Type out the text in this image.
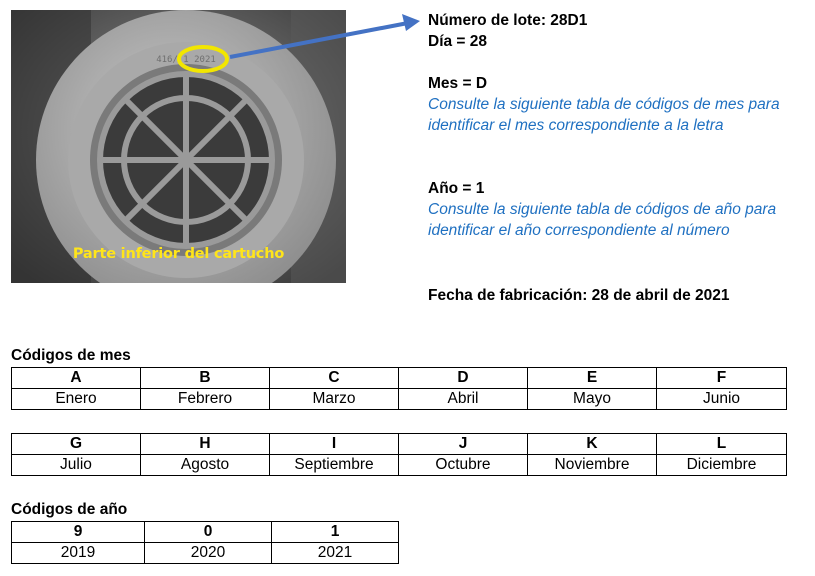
416/ 1 2021
Parte inferior del cartucho
Número de lote: 28D1
Día = 28
Mes = D
Consulte la siguiente tabla de códigos de mes para identificar el mes correspondiente a la letra
Año = 1
Consulte la siguiente tabla de códigos de año para identificar el año correspondiente al número
Fecha de fabricación: 28 de abril de 2021
Códigos de mes
A	B	C	D	E	F
Enero	Febrero	Marzo	Abril	Mayo	Junio
G	H	I	J	K	L
Julio	Agosto	Septiembre	Octubre	Noviembre	Diciembre
Códigos de año
9	0	1
2019	2020	2021
